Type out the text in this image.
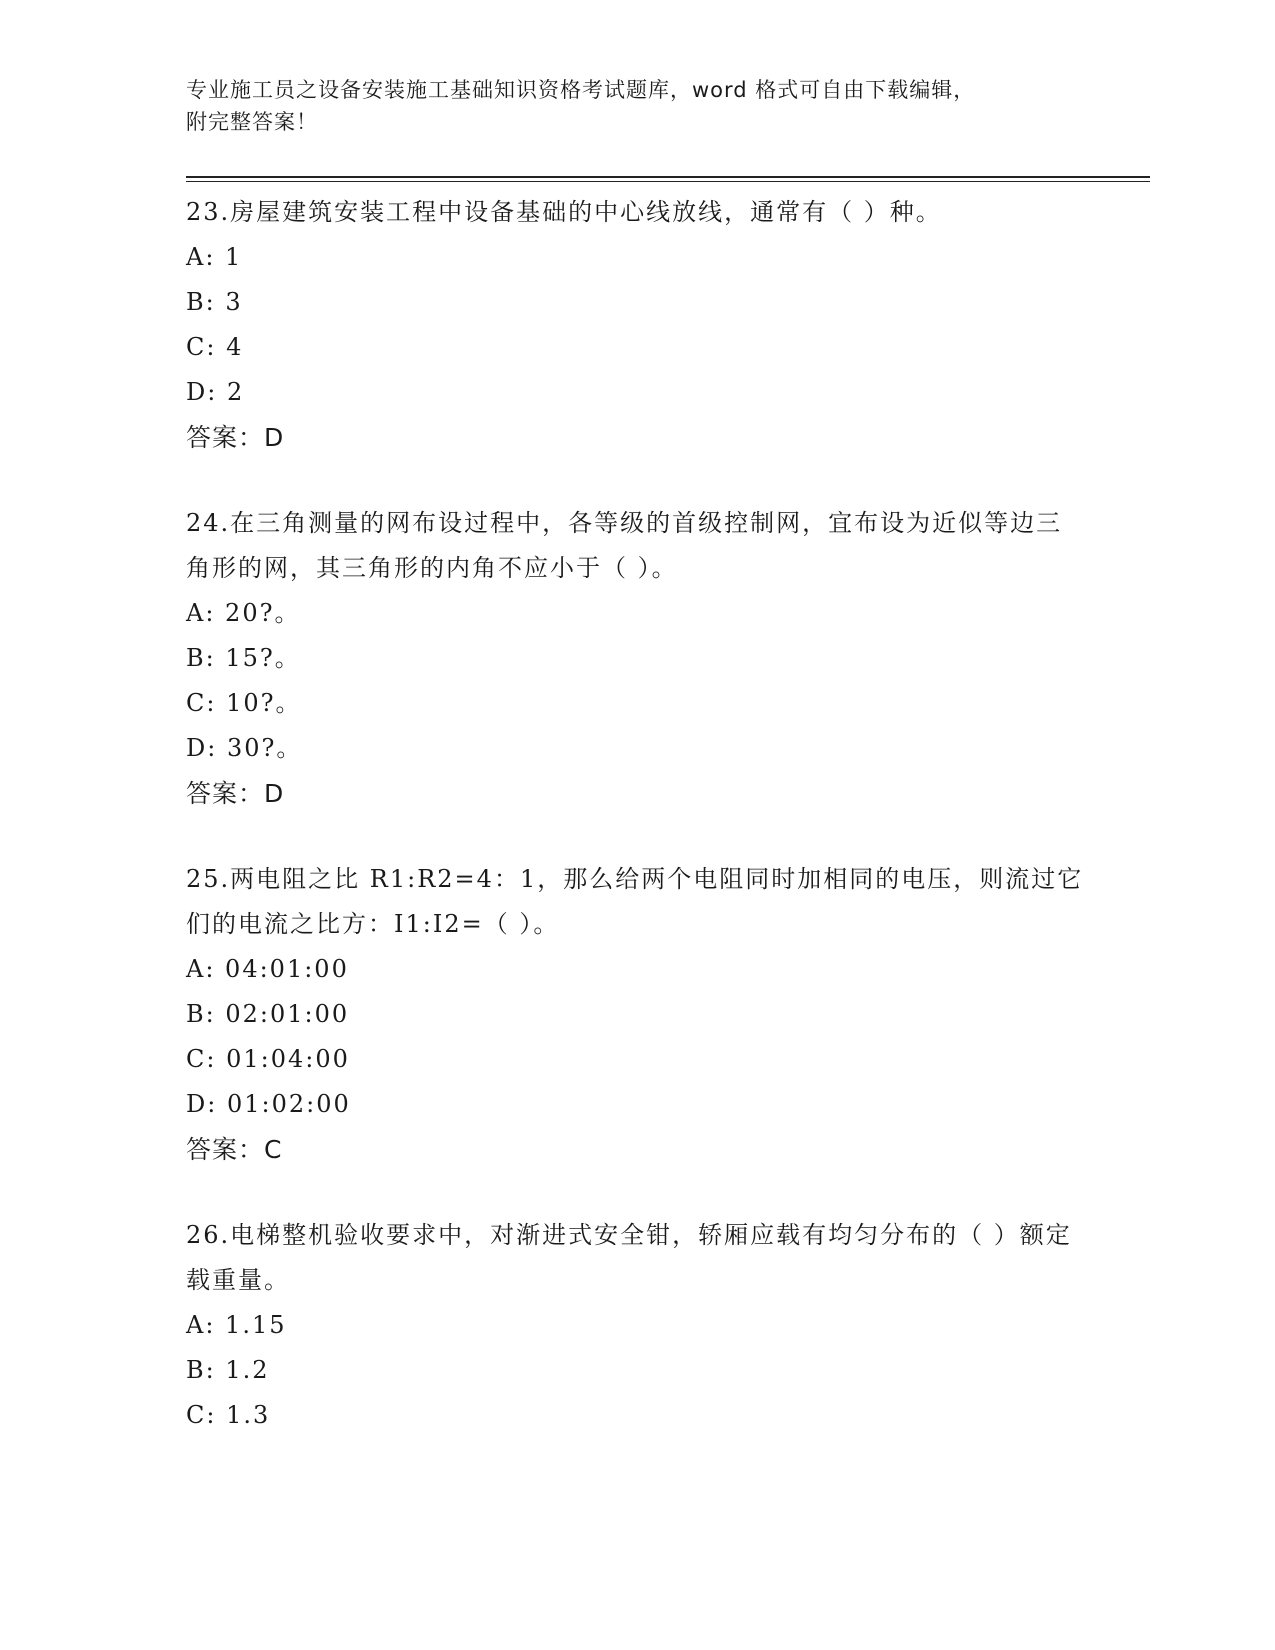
专业施工员之设备安装施工基础知识资格考试题库，word 格式可自由下载编辑，
附完整答案！
23.房屋建筑安装工程中设备基础的中心线放线，通常有（ ）种。
A: 1
B: 3
C: 4
D: 2
答案：D
24.在三角测量的网布设过程中，各等级的首级控制网，宜布设为近似等边三角形的网，其三角形的内角不应小于（ ）。
A: 20?。
B: 15?。
C: 10?。
D: 30?。
答案：D
25.两电阻之比 R1:R2=4：1，那么给两个电阻同时加相同的电压，则流过它们的电流之比方：I1:I2=（ ）。
A: 04:01:00
B: 02:01:00
C: 01:04:00
D: 01:02:00
答案：C
26.电梯整机验收要求中，对渐进式安全钳，轿厢应载有均匀分布的（ ）额定载重量。
A: 1.15
B: 1.2
C: 1.3
